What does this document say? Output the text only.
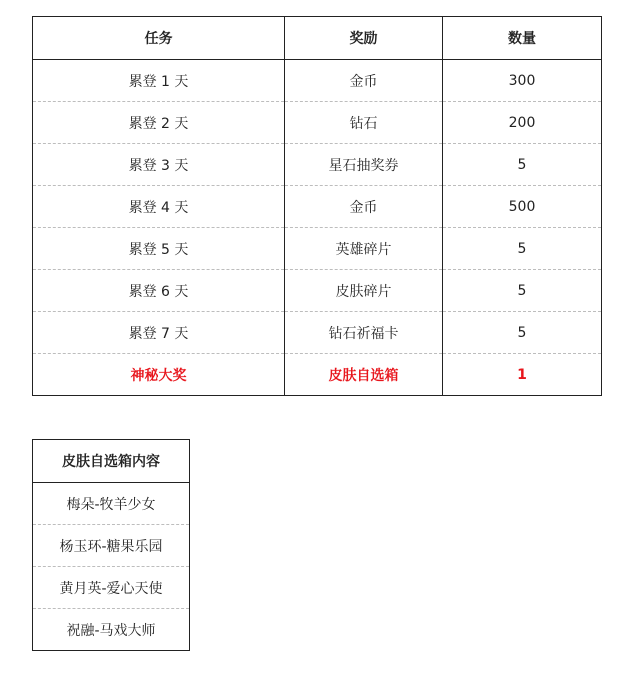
任务	奖励	数量
累登 1 天	金币	300
累登 2 天	钻石	200
累登 3 天	星石抽奖券	5
累登 4 天	金币	500
累登 5 天	英雄碎片	5
累登 6 天	皮肤碎片	5
累登 7 天	钻石祈福卡	5
神秘大奖	皮肤自选箱	1
皮肤自选箱内容
梅朵-牧羊少女
杨玉环-糖果乐园
黄月英-爱心天使
祝融-马戏大师
